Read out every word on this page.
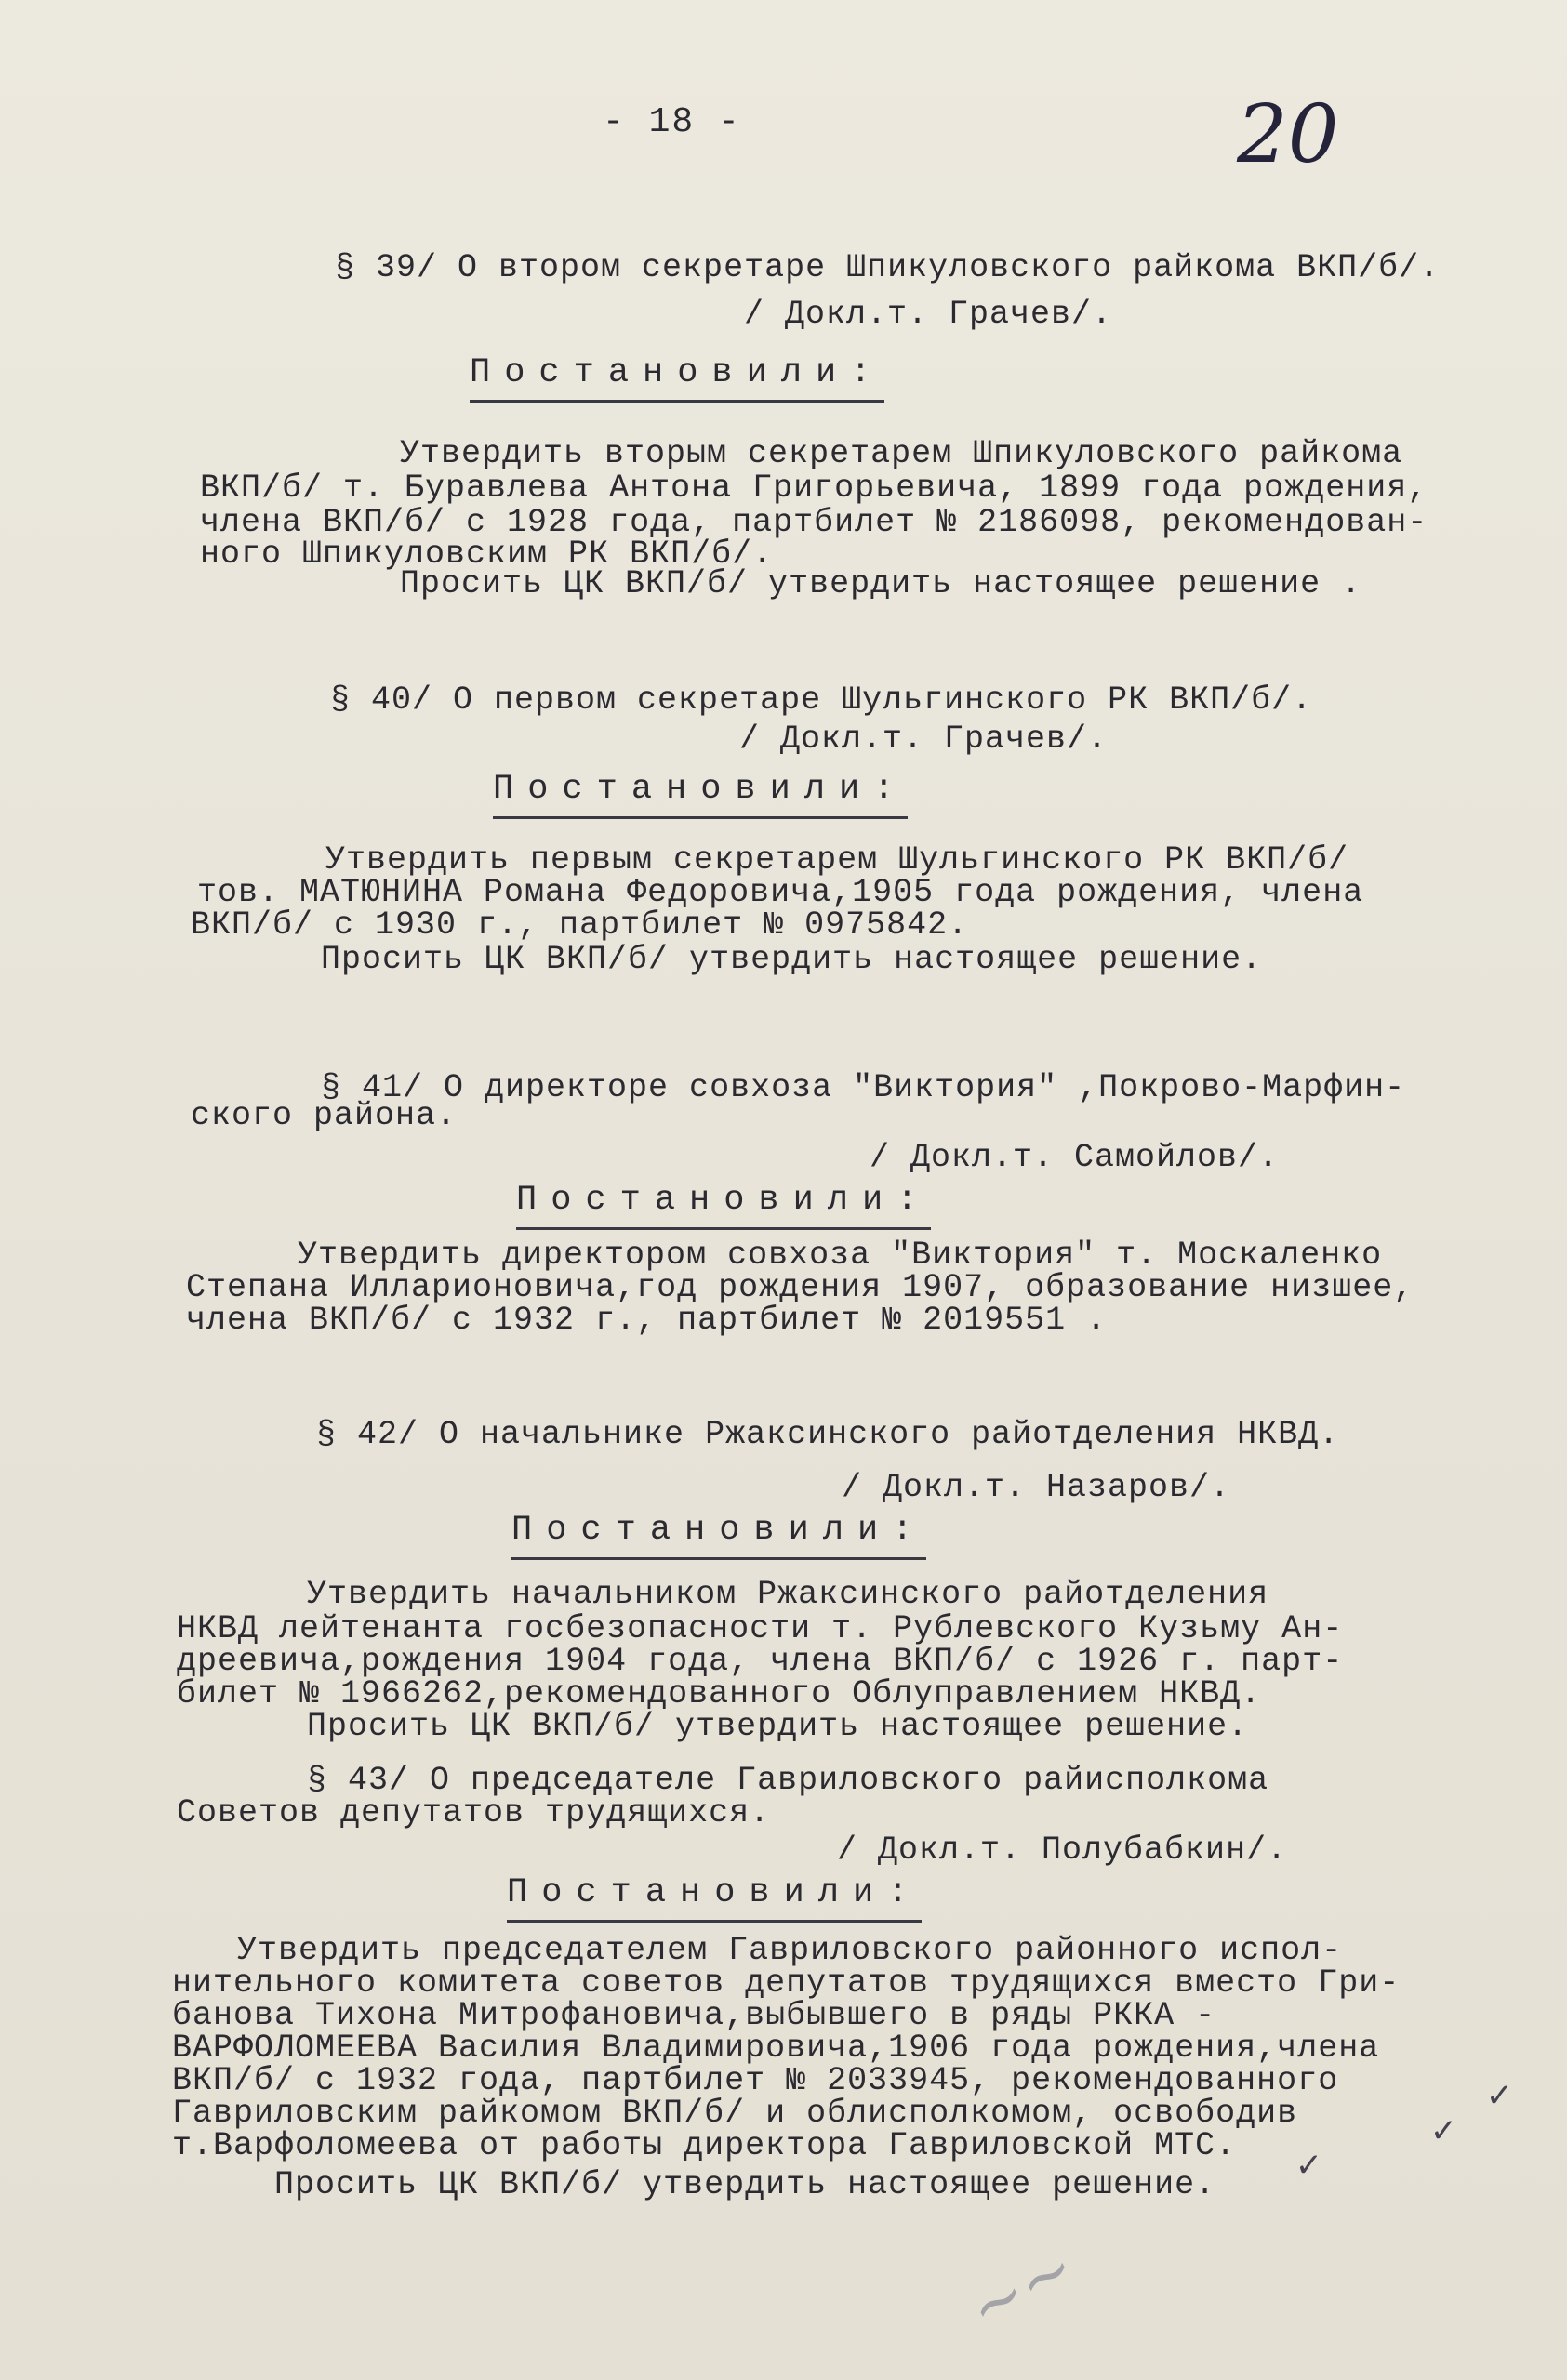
- 18 -	20
§ 39/ О втором секретаре Шпикуловского райкома ВКП/б/.
/ Докл.т. Грачев/.
Постановили:
Утвердить вторым секретарем Шпикуловского райкома
ВКП/б/ т. Буравлева Антона Григорьевича, 1899 года рождения,
члена ВКП/б/ с 1928 года, партбилет № 2186098, рекомендован-
ного Шпикуловским РК ВКП/б/.
Просить ЦК ВКП/б/ утвердить настоящее решение .
§ 40/ О первом секретаре Шульгинского РК ВКП/б/.
/ Докл.т. Грачев/.
Постановили:
Утвердить первым секретарем Шульгинского РК ВКП/б/
тов. МАТЮНИНА Романа Федоровича,1905 года рождения, члена
ВКП/б/ с 1930 г., партбилет № 0975842.
Просить ЦК ВКП/б/ утвердить настоящее решение.
§ 41/ О директоре совхоза "Виктория" ,Покрово-Марфин-
ского района.
/ Докл.т. Самойлов/.
Постановили:
Утвердить директором совхоза "Виктория" т. Москаленко
Степана Илларионовича,год рождения 1907, образование низшее,
члена ВКП/б/ с 1932 г., партбилет № 2019551 .
§ 42/ О начальнике Ржаксинского райотделения НКВД.
/ Докл.т. Назаров/.
Постановили:
Утвердить начальником Ржаксинского райотделения
НКВД лейтенанта госбезопасности т. Рублевского Кузьму Ан-
дреевича,рождения 1904 года, члена ВКП/б/ с 1926 г. парт-
билет № 1966262,рекомендованного Облуправлением НКВД.
Просить ЦК ВКП/б/ утвердить настоящее решение.
§ 43/ О председателе Гавриловского райисполкома
Советов депутатов трудящихся.
/ Докл.т. Полубабкин/.
Постановили:
Утвердить председателем Гавриловского районного испол-
нительного комитета советов депутатов трудящихся вместо Гри-
банова Тихона Митрофановича,выбывшего в ряды РККА -
ВАРФОЛОМЕЕВА Василия Владимировича,1906 года рождения,члена
ВКП/б/ с 1932 года, партбилет № 2033945, рекомендованного
Гавриловским райкомом ВКП/б/ и облисполкомом, освободив
т.Варфоломеева от работы директора Гавриловской МТС.
Просить ЦК ВКП/б/ утвердить настоящее решение.
✓
✓
✓
~~
